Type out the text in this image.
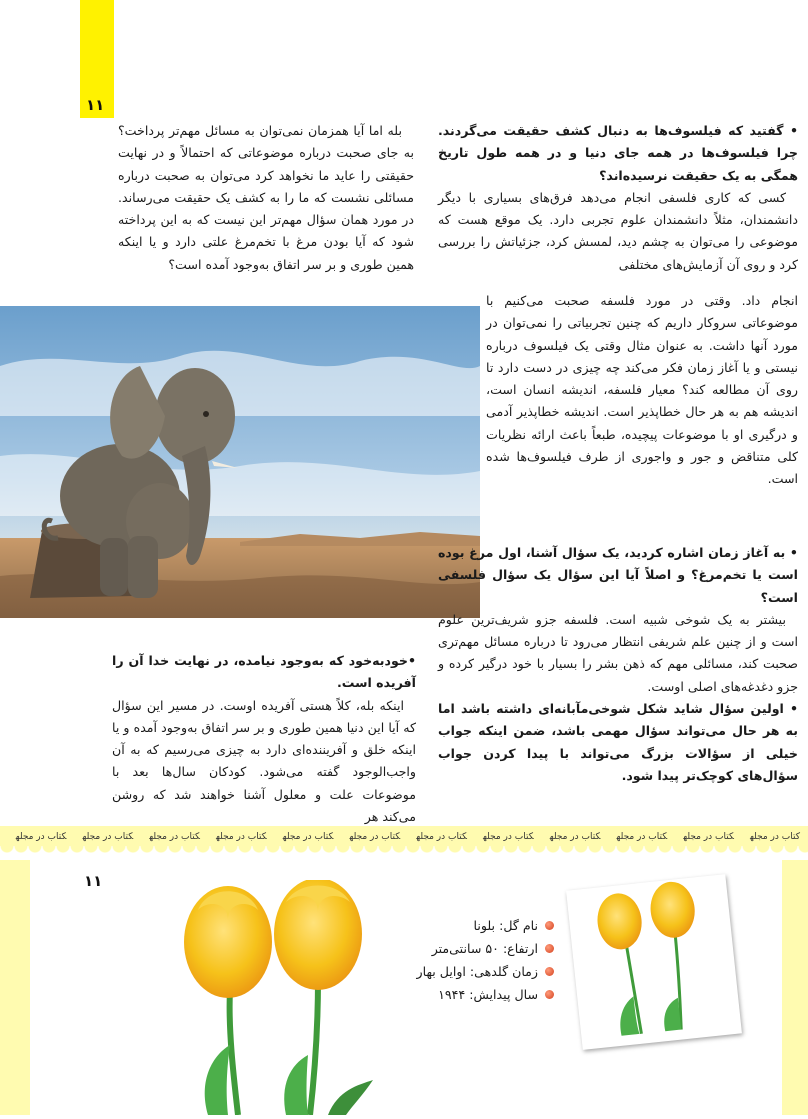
۱۱

• گفتید که فیلسوف‌ها به دنبال کشف حقیقت می‌گردند. چرا فیلسوف‌ها در همه جای دنیا و در همه طول تاریخ همگی به یک حقیقت نرسیده‌اند؟

کسی که کاری فلسفی انجام می‌دهد فرق‌های بسیاری با دیگر دانشمندان، مثلاً دانشمندان علوم تجربی دارد. یک موقع هست که موضوعی را می‌توان به چشم دید، لمسش کرد، جزئیاتش را بررسی کرد و روی آن آزمایش‌های مختلفی

بله اما آیا همزمان نمی‌توان به مسائل مهم‌تر پرداخت؟ به جای صحبت درباره موضوعاتی که احتمالاً و در نهایت حقیقتی را عاید ما نخواهد کرد می‌توان به صحبت درباره مسائلی نشست که ما را به کشف یک حقیقت می‌رساند. در مورد همان سؤال مهم‌تر این نیست که به این پرداخته شود که آیا بودن مرغ با تخم‌مرغ علتی دارد و یا اینکه همین طوری و بر سر اتفاق به‌وجود آمده است؟

انجام داد. وقتی در مورد فلسفه صحبت می‌کنیم با موضوعاتی سروکار داریم که چنین تجربیاتی را نمی‌توان در مورد آنها داشت. به عنوان مثال وقتی یک فیلسوف درباره نیستی و یا آغاز زمان فکر می‌کند چه چیزی در دست دارد تا روی آن مطالعه کند؟ معیار فلسفه، اندیشه انسان است، اندیشه هم به هر حال خطاپذیر است. اندیشه خطاپذیر آدمی و درگیری او با موضوعات پیچیده، طبعاً باعث ارائه نظریات کلی متناقض و جور و واجوری از طرف فیلسوف‌ها شده است.

• به آغاز زمان اشاره کردید، یک سؤال آشنا، اول مرغ بوده است یا تخم‌مرغ؟ و اصلاً آیا این سؤال یک سؤال فلسفی است؟

بیشتر به یک شوخی شبیه است. فلسفه جزو شریف‌ترین علوم است و از چنین علم شریفی انتظار می‌رود تا درباره مسائل مهم‌تری صحبت کند، مسائلی مهم که ذهن بشر را بسیار با خود درگیر کرده و جزو دغدغه‌های اصلی اوست.

• اولین سؤال شاید شکل شوخی‌مآبانه‌ای داشته باشد اما به هر حال می‌تواند سؤال مهمی باشد، ضمن اینکه جواب خیلی از سؤالات بزرگ می‌تواند با پیدا کردن جواب سؤال‌های کوچک‌تر پیدا شود.

•خودبه‌خود که به‌وجود نیامده، در نهایت خدا آن را آفریده است.

اینکه بله، کلاً هستی آفریده اوست. در مسیر این سؤال که آیا این دنیا همین طوری و بر سر اتفاق به‌وجود آمده و یا اینکه خلق و آفریننده‌ای دارد به چیزی می‌رسیم که به آن واجب‌الوجود گفته می‌شود. کودکان سال‌ها بعد با موضوعات علت و معلول آشنا خواهند شد که روشن می‌کند هر

کتاب در مجلهکتاب در مجلهکتاب در مجلهکتاب در مجلهکتاب در مجلهکتاب در مجلهکتاب در مجلهکتاب در مجلهکتاب در مجلهکتاب در مجلهکتاب در مجلهکتاب در مجله
۱۱
نام گل: بلونا
ارتفاع: ۵۰ سانتی‌متر
زمان گلدهی: اوایل بهار
سال پیدایش: ۱۹۴۴
